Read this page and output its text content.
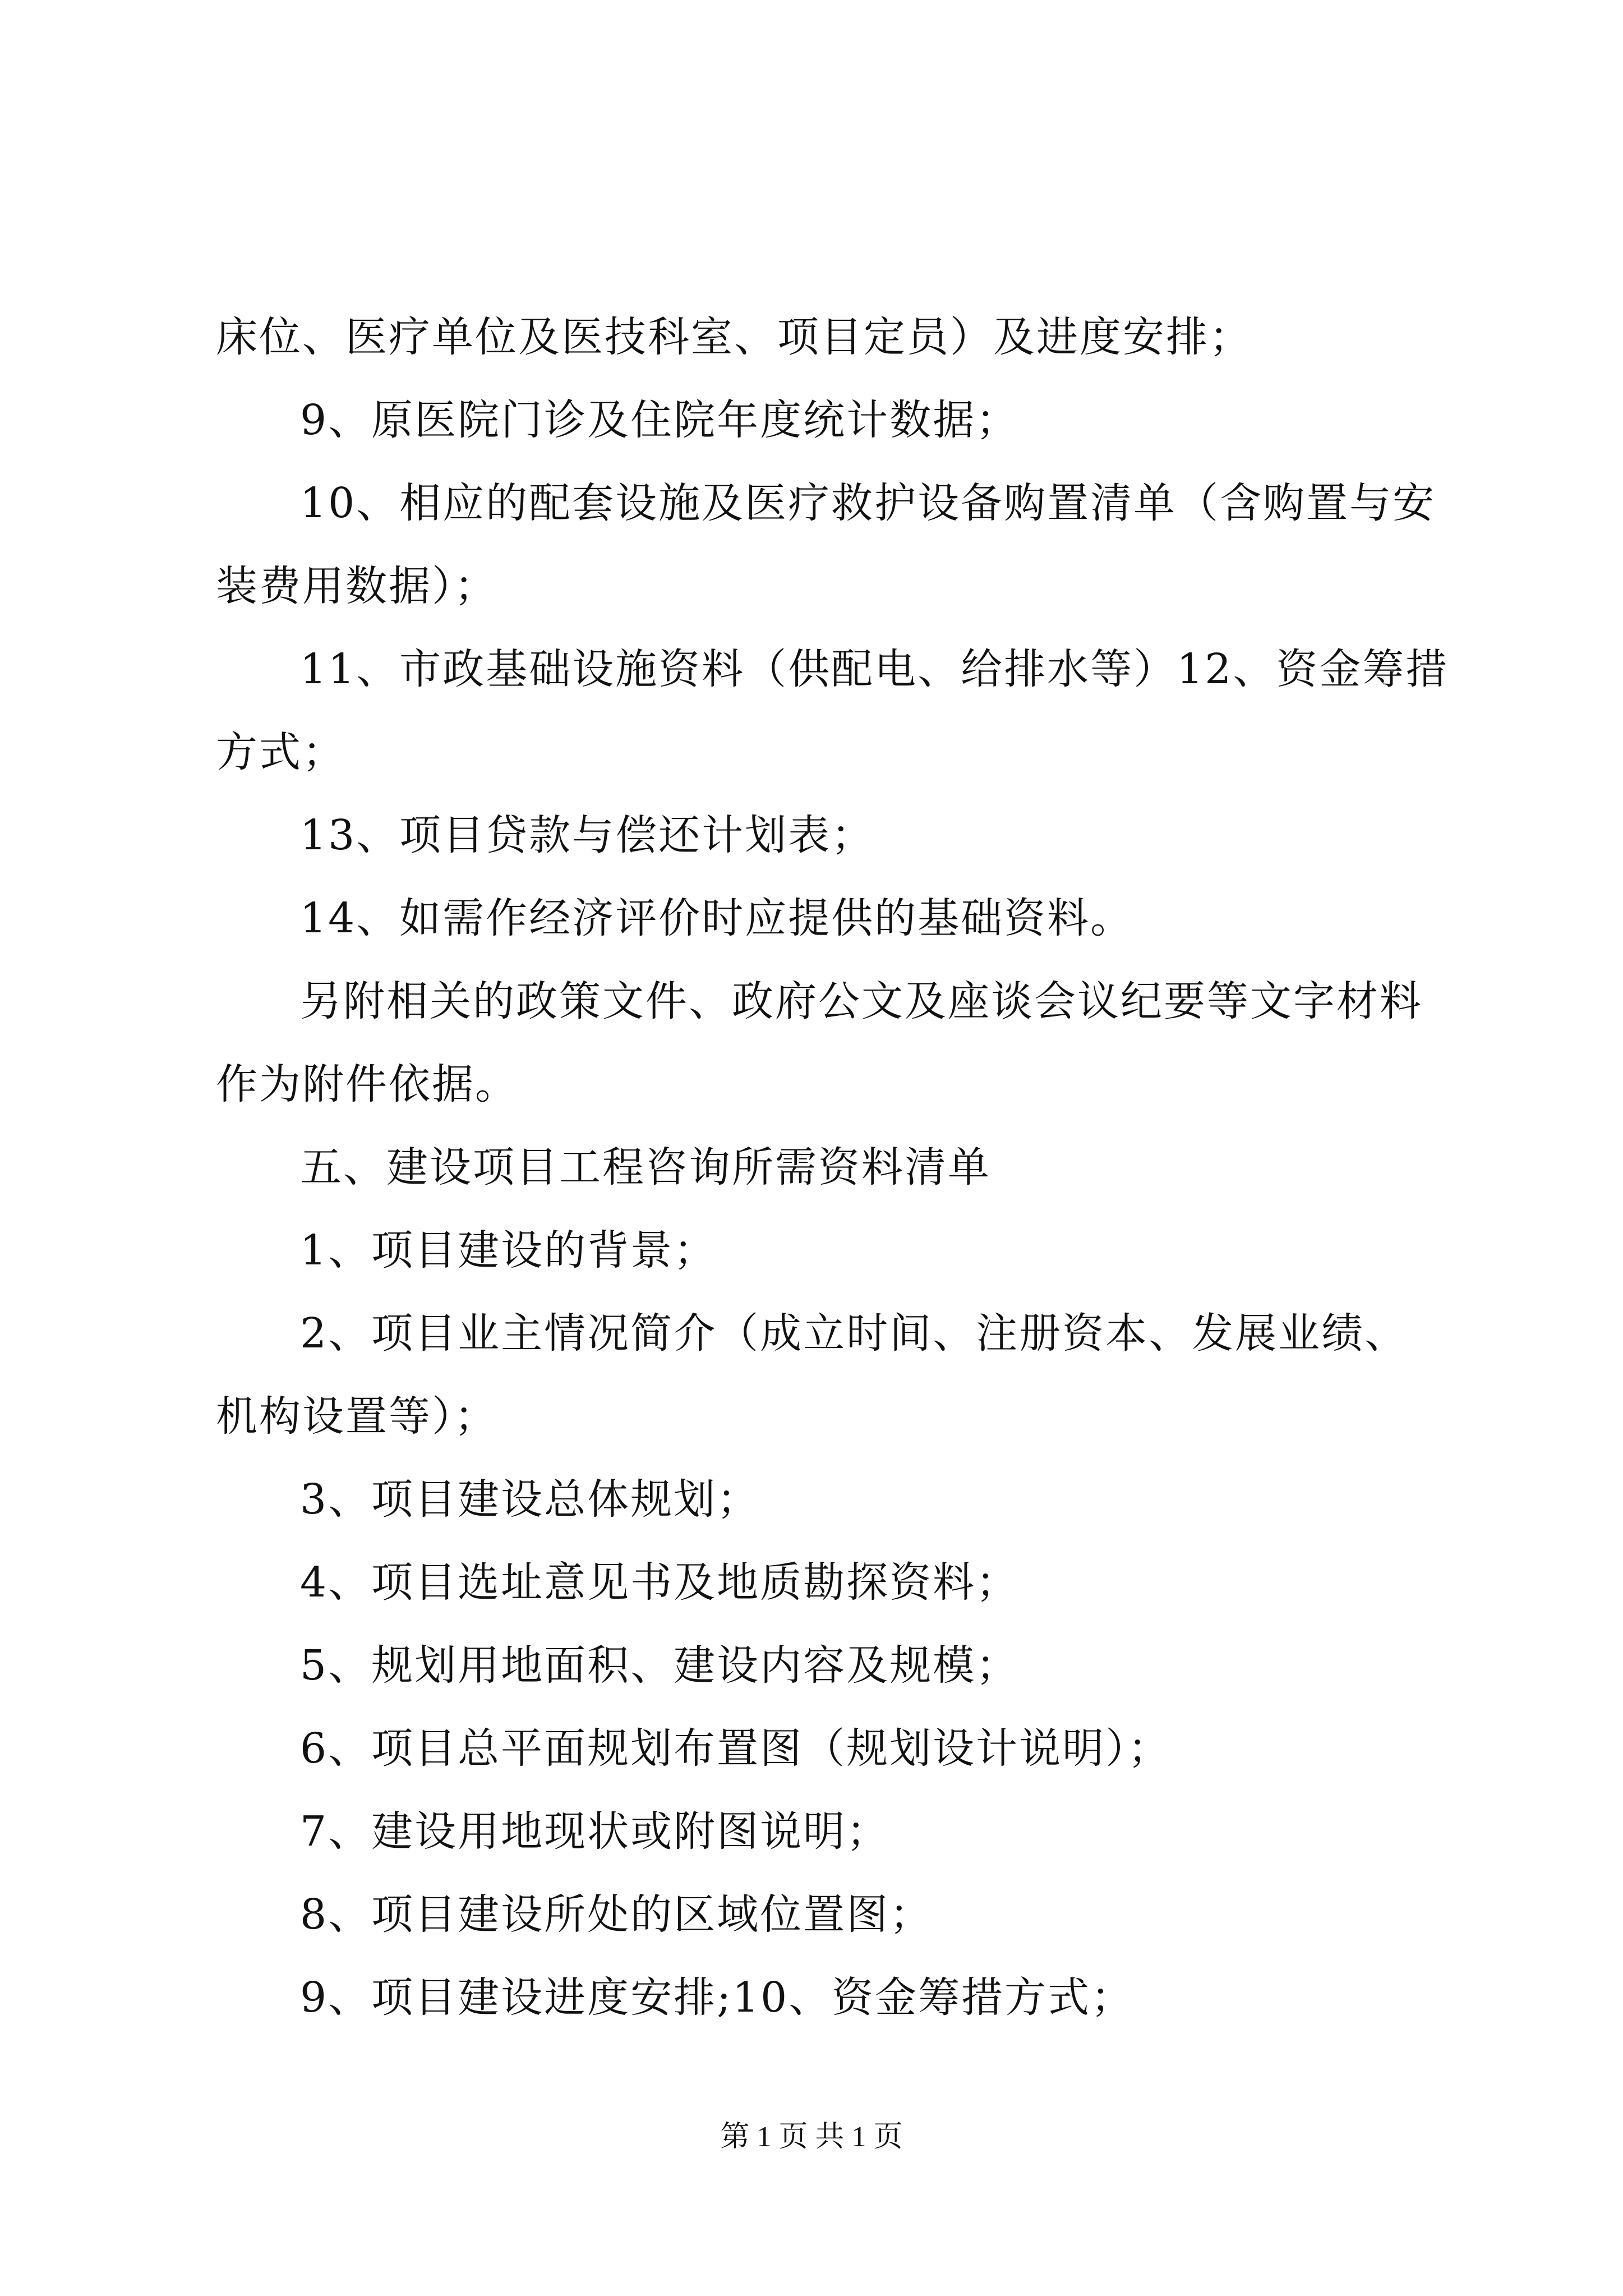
床位、医疗单位及医技科室、项目定员）及进度安排；
9、原医院门诊及住院年度统计数据；
10、相应的配套设施及医疗救护设备购置清单（含购置与安
装费用数据）；
11、市政基础设施资料（供配电、给排水等）12、资金筹措
方式；
13、项目贷款与偿还计划表；
14、如需作经济评价时应提供的基础资料。
另附相关的政策文件、政府公文及座谈会议纪要等文字材料
作为附件依据。
五、建设项目工程咨询所需资料清单
1、项目建设的背景；
2、项目业主情况简介（成立时间、注册资本、发展业绩、
机构设置等）；
3、项目建设总体规划；
4、项目选址意见书及地质勘探资料；
5、规划用地面积、建设内容及规模；
6、项目总平面规划布置图（规划设计说明）；
7、建设用地现状或附图说明；
8、项目建设所处的区域位置图；
9、项目建设进度安排;10、资金筹措方式；
第 1 页 共 1 页
